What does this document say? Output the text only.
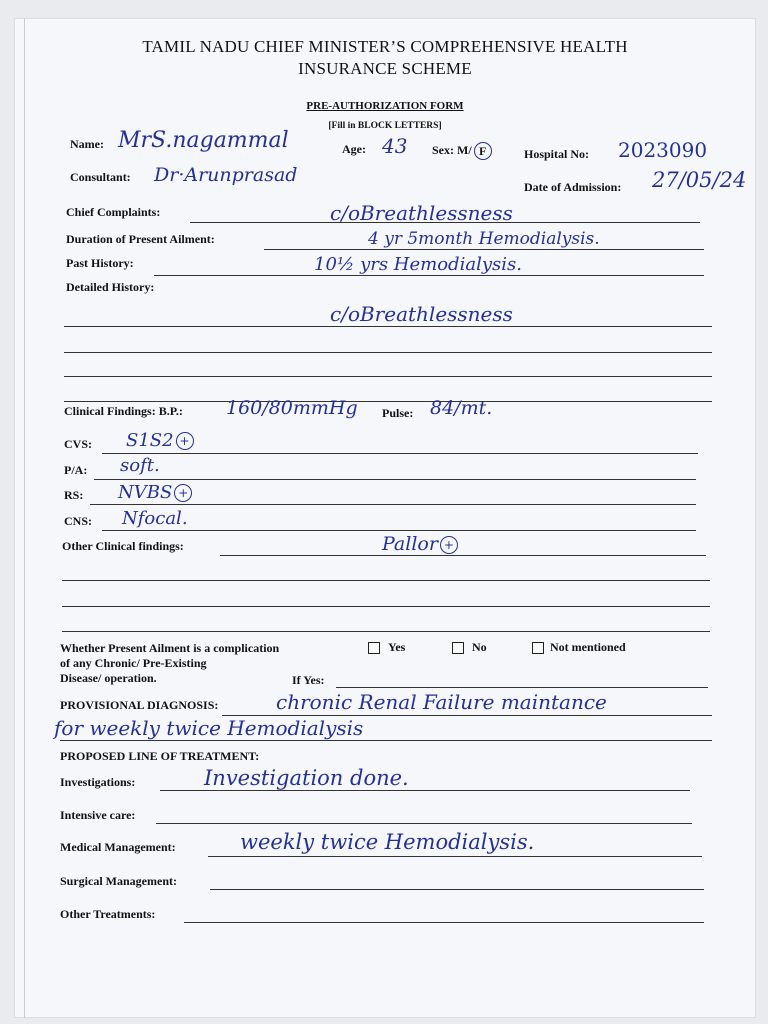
TAMIL NADU CHIEF MINISTER’S COMPREHENSIVE HEALTH
INSURANCE SCHEME
PRE-AUTHORIZATION FORM
[Fill in BLOCK LETTERS]
Name: MrS.nagammal	Age: 43 Sex: M/ F	Hospital No: 2023090
Consultant: Dr·Arunprasad
Date of Admission: 27/05/24
Chief Complaints:	c/oBreathlessness
Duration of Present Ailment:	4 yr 5month Hemodialysis.
Past History:	10½ yrs Hemodialysis.
Detailed History:
c/oBreathlessness
Clinical Findings: B.P.: 160/80mmHg Pulse: 84/mt.
CVS: S1S2 +
P/A: soft.
RS: NVBS +
CNS: Nfocal.
Other Clinical findings:	Pallor +
Whether Present Ailment is a complication
of any Chronic/ Pre-Existing
Disease/ operation.	If Yes:
Yes	No	Not mentioned
PROVISIONAL DIAGNOSIS:	chronic Renal Failure maintance
for weekly twice Hemodialysis
PROPOSED LINE OF TREATMENT:
Investigations:	Investigation done.
Intensive care:
Medical Management:	weekly twice Hemodialysis.
Surgical Management:
Other Treatments:
